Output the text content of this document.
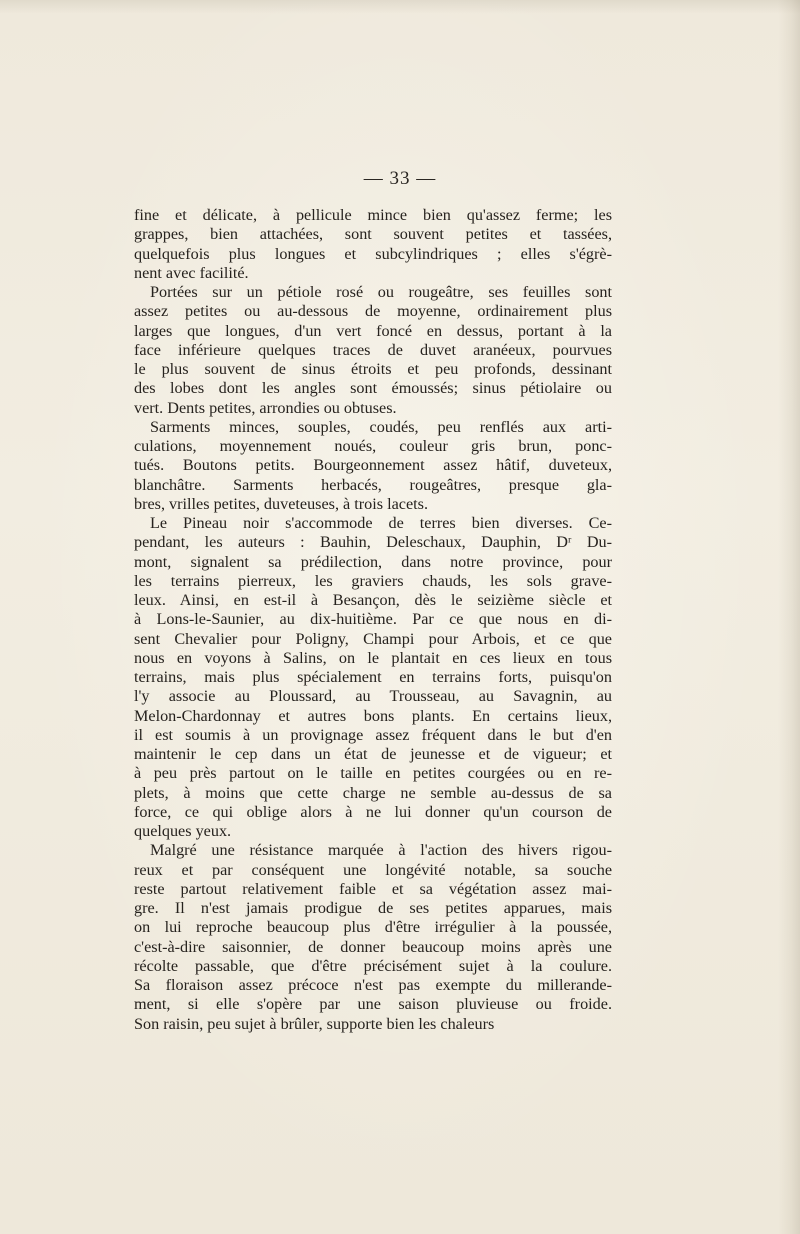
— 33 —
fine et délicate, à pellicule mince bien qu'assez ferme; les
grappes, bien attachées, sont souvent petites et tassées,
quelquefois plus longues et subcylindriques ; elles s'égrè-
nent avec facilité.
Portées sur un pétiole rosé ou rougeâtre, ses feuilles sont
assez petites ou au-dessous de moyenne, ordinairement plus
larges que longues, d'un vert foncé en dessus, portant à la
face inférieure quelques traces de duvet aranéeux, pourvues
le plus souvent de sinus étroits et peu profonds, dessinant
des lobes dont les angles sont émoussés; sinus pétiolaire ou
vert. Dents petites, arrondies ou obtuses.
Sarments minces, souples, coudés, peu renflés aux arti-
culations, moyennement noués, couleur gris brun, ponc-
tués. Boutons petits. Bourgeonnement assez hâtif, duveteux,
blanchâtre. Sarments herbacés, rougeâtres, presque gla-
bres, vrilles petites, duveteuses, à trois lacets.
Le Pineau noir s'accommode de terres bien diverses. Ce-
pendant, les auteurs : Bauhin, Deleschaux, Dauphin, Dʳ Du-
mont, signalent sa prédilection, dans notre province, pour
les terrains pierreux, les graviers chauds, les sols grave-
leux. Ainsi, en est-il à Besançon, dès le seizième siècle et
à Lons-le-Saunier, au dix-huitième. Par ce que nous en di-
sent Chevalier pour Poligny, Champi pour Arbois, et ce que
nous en voyons à Salins, on le plantait en ces lieux en tous
terrains, mais plus spécialement en terrains forts, puisqu'on
l'y associe au Ploussard, au Trousseau, au Savagnin, au
Melon-Chardonnay et autres bons plants. En certains lieux,
il est soumis à un provignage assez fréquent dans le but d'en
maintenir le cep dans un état de jeunesse et de vigueur; et
à peu près partout on le taille en petites courgées ou en re-
plets, à moins que cette charge ne semble au-dessus de sa
force, ce qui oblige alors à ne lui donner qu'un courson de
quelques yeux.
Malgré une résistance marquée à l'action des hivers rigou-
reux et par conséquent une longévité notable, sa souche
reste partout relativement faible et sa végétation assez mai-
gre. Il n'est jamais prodigue de ses petites apparues, mais
on lui reproche beaucoup plus d'être irrégulier à la poussée,
c'est-à-dire saisonnier, de donner beaucoup moins après une
récolte passable, que d'être précisément sujet à la coulure.
Sa floraison assez précoce n'est pas exempte du millerande-
ment, si elle s'opère par une saison pluvieuse ou froide.
Son raisin, peu sujet à brûler, supporte bien les chaleurs
